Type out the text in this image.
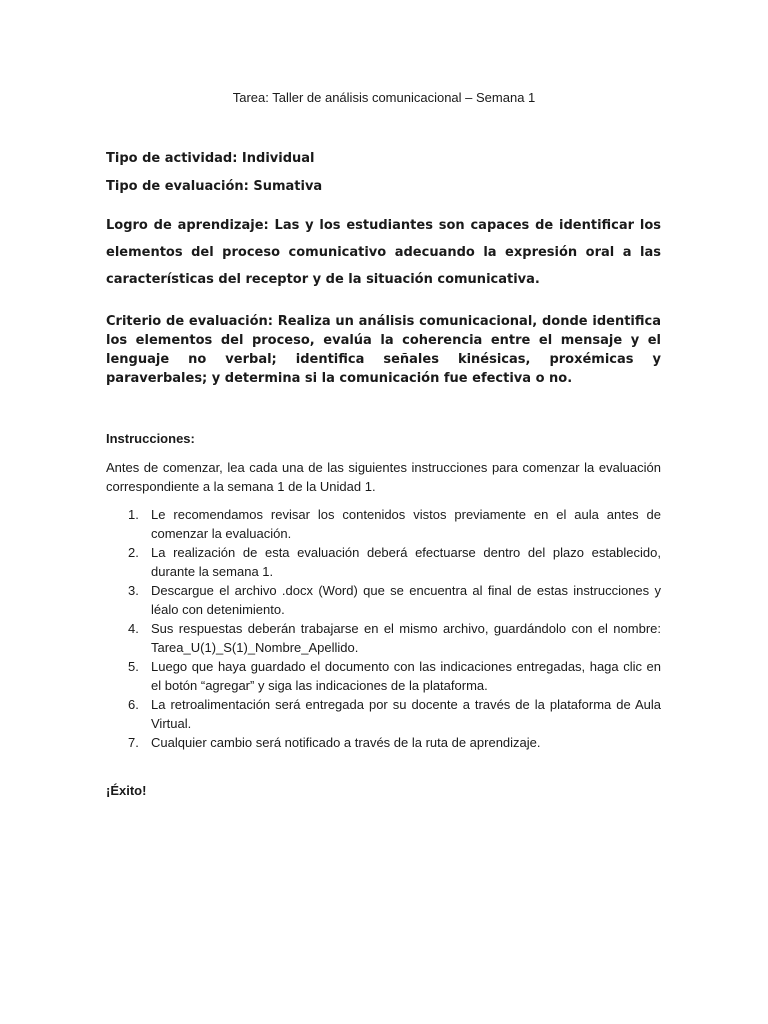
Tarea: Taller de análisis comunicacional – Semana 1
Tipo de actividad: Individual
Tipo de evaluación: Sumativa
Logro de aprendizaje: Las y los estudiantes son capaces de identificar los elementos del proceso comunicativo adecuando la expresión oral a las características del receptor y de la situación comunicativa.
Criterio de evaluación: Realiza un análisis comunicacional, donde identifica los elementos del proceso, evalúa la coherencia entre el mensaje y el lenguaje no verbal; identifica señales kinésicas, proxémicas y paraverbales; y determina si la comunicación fue efectiva o no.
Instrucciones:
Antes de comenzar, lea cada una de las siguientes instrucciones para comenzar la evaluación correspondiente a la semana 1 de la Unidad 1.
1. Le recomendamos revisar los contenidos vistos previamente en el aula antes de comenzar la evaluación.
2. La realización de esta evaluación deberá efectuarse dentro del plazo establecido, durante la semana 1.
3. Descargue el archivo .docx (Word) que se encuentra al final de estas instrucciones y léalo con detenimiento.
4. Sus respuestas deberán trabajarse en el mismo archivo, guardándolo con el nombre: Tarea_U(1)_S(1)_Nombre_Apellido.
5. Luego que haya guardado el documento con las indicaciones entregadas, haga clic en el botón “agregar” y siga las indicaciones de la plataforma.
6. La retroalimentación será entregada por su docente a través de la plataforma de Aula Virtual.
7. Cualquier cambio será notificado a través de la ruta de aprendizaje.
¡Éxito!
